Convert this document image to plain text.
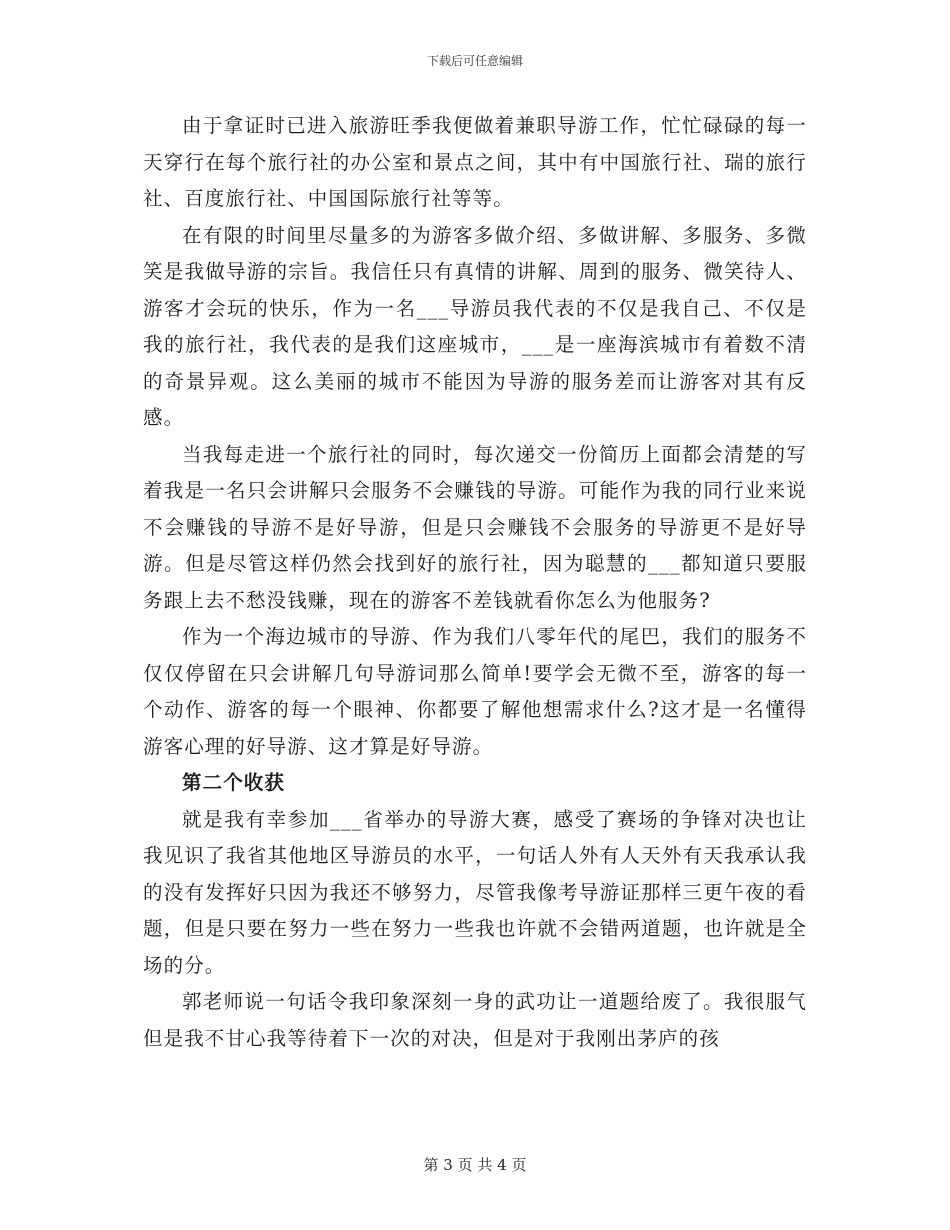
下载后可任意编辑

由于拿证时已进入旅游旺季我便做着兼职导游工作，忙忙碌碌的每一天穿行在每个旅行社的办公室和景点之间，其中有中国旅行社、瑞的旅行社、百度旅行社、中国国际旅行社等等。

在有限的时间里尽量多的为游客多做介绍、多做讲解、多服务、多微笑是我做导游的宗旨。我信任只有真情的讲解、周到的服务、微笑待人、游客才会玩的快乐，作为一名___导游员我代表的不仅是我自己、不仅是我的旅行社，我代表的是我们这座城市，___是一座海滨城市有着数不清的奇景异观。这么美丽的城市不能因为导游的服务差而让游客对其有反感。

当我每走进一个旅行社的同时，每次递交一份简历上面都会清楚的写着我是一名只会讲解只会服务不会赚钱的导游。可能作为我的同行业来说不会赚钱的导游不是好导游，但是只会赚钱不会服务的导游更不是好导游。但是尽管这样仍然会找到好的旅行社，因为聪慧的___都知道只要服务跟上去不愁没钱赚，现在的游客不差钱就看你怎么为他服务?

作为一个海边城市的导游、作为我们八零年代的尾巴，我们的服务不仅仅停留在只会讲解几句导游词那么简单!要学会无微不至，游客的每一个动作、游客的每一个眼神、你都要了解他想需求什么?这才是一名懂得游客心理的好导游、这才算是好导游。

第二个收获

就是我有幸参加___省举办的导游大赛，感受了赛场的争锋对决也让我见识了我省其他地区导游员的水平，一句话人外有人天外有天我承认我的没有发挥好只因为我还不够努力，尽管我像考导游证那样三更午夜的看题，但是只要在努力一些在努力一些我也许就不会错两道题，也许就是全场的分。

郭老师说一句话令我印象深刻一身的武功让一道题给废了。我很服气但是我不甘心我等待着下一次的对决，但是对于我刚出茅庐的孩

第 3 页 共 4 页
